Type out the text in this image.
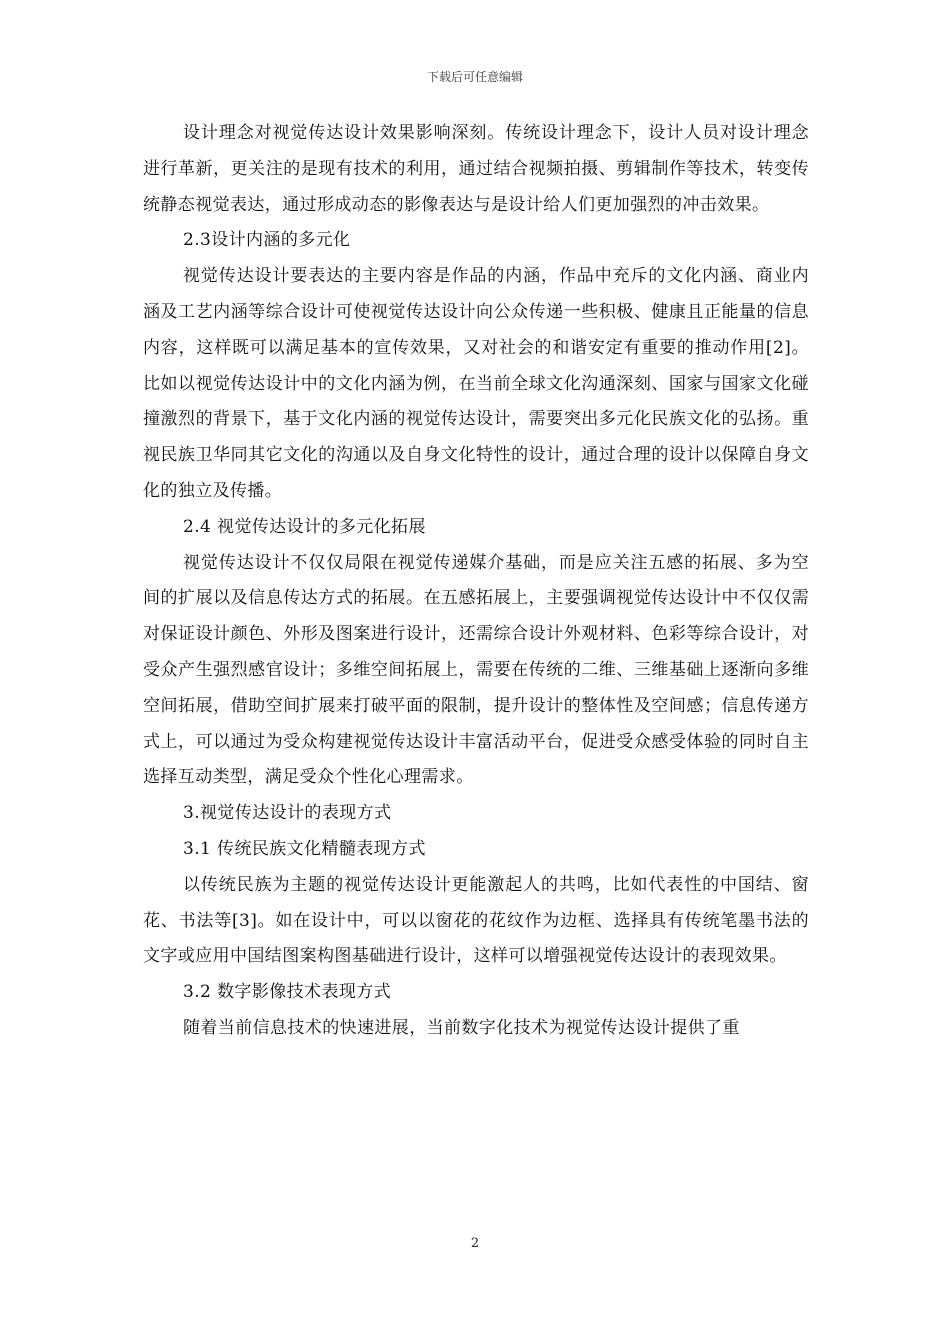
下载后可任意编辑

设计理念对视觉传达设计效果影响深刻。传统设计理念下，设计人员对设计理念进行革新，更关注的是现有技术的利用，通过结合视频拍摄、剪辑制作等技术，转变传统静态视觉表达，通过形成动态的影像表达与是设计给人们更加强烈的冲击效果。

2.3设计内涵的多元化

视觉传达设计要表达的主要内容是作品的内涵，作品中充斥的文化内涵、商业内涵及工艺内涵等综合设计可使视觉传达设计向公众传递一些积极、健康且正能量的信息内容，这样既可以满足基本的宣传效果，又对社会的和谐安定有重要的推动作用[2]。比如以视觉传达设计中的文化内涵为例，在当前全球文化沟通深刻、国家与国家文化碰撞激烈的背景下，基于文化内涵的视觉传达设计，需要突出多元化民族文化的弘扬。重视民族卫华同其它文化的沟通以及自身文化特性的设计，通过合理的设计以保障自身文化的独立及传播。

2.4 视觉传达设计的多元化拓展

视觉传达设计不仅仅局限在视觉传递媒介基础，而是应关注五感的拓展、多为空间的扩展以及信息传达方式的拓展。在五感拓展上，主要强调视觉传达设计中不仅仅需对保证设计颜色、外形及图案进行设计，还需综合设计外观材料、色彩等综合设计，对受众产生强烈感官设计；多维空间拓展上，需要在传统的二维、三维基础上逐渐向多维空间拓展，借助空间扩展来打破平面的限制，提升设计的整体性及空间感；信息传递方式上，可以通过为受众构建视觉传达设计丰富活动平台，促进受众感受体验的同时自主选择互动类型，满足受众个性化心理需求。

3.视觉传达设计的表现方式

3.1 传统民族文化精髓表现方式

以传统民族为主题的视觉传达设计更能激起人的共鸣，比如代表性的中国结、窗花、书法等[3]。如在设计中，可以以窗花的花纹作为边框、选择具有传统笔墨书法的文字或应用中国结图案构图基础进行设计，这样可以增强视觉传达设计的表现效果。

3.2 数字影像技术表现方式

随着当前信息技术的快速进展，当前数字化技术为视觉传达设计提供了重

2
